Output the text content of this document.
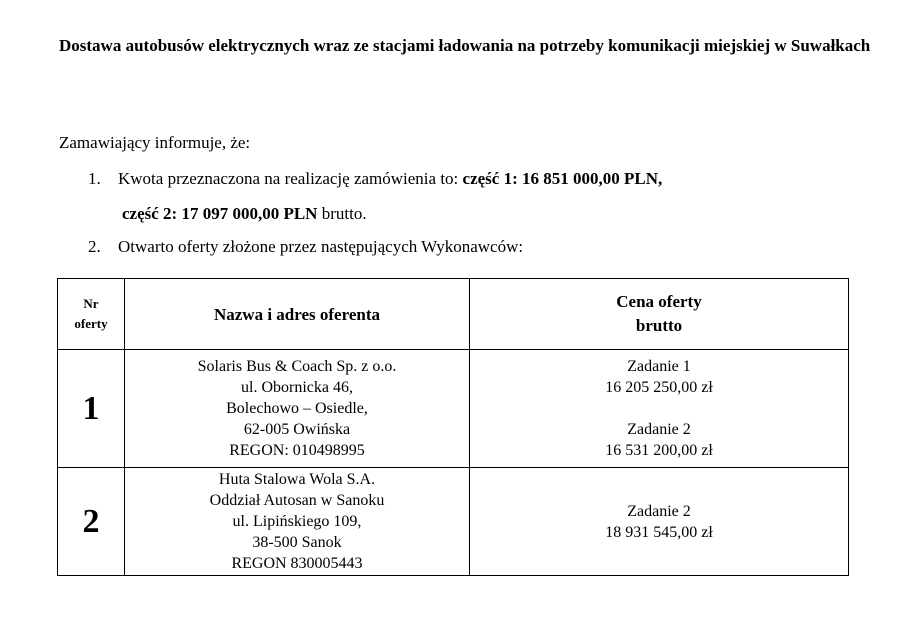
Dostawa autobusów elektrycznych wraz ze stacjami ładowania na potrzeby komunikacji miejskiej w Suwałkach

Zamawiający informuje, że:

1. Kwota przeznaczona na realizację zamówienia to: część 1: 16 851 000,00 PLN,
część 2: 17 097 000,00 PLN brutto.
2. Otwarto oferty złożone przez następujących Wykonawców:
Nr
oferty	Nazwa i adres oferenta	Cena oferty
brutto

1	Solaris Bus & Coach Sp. z o.o.
ul. Obornicka 46,
Bolechowo – Osiedle,
62-005 Owińska
REGON: 010498995	Zadanie 1
16 205 250,00 zł
Zadanie 2
16 531 200,00 zł

2	Huta Stalowa Wola S.A.
Oddział Autosan w Sanoku
ul. Lipińskiego 109,
38-500 Sanok
REGON 830005443	Zadanie 2
18 931 545,00 zł
